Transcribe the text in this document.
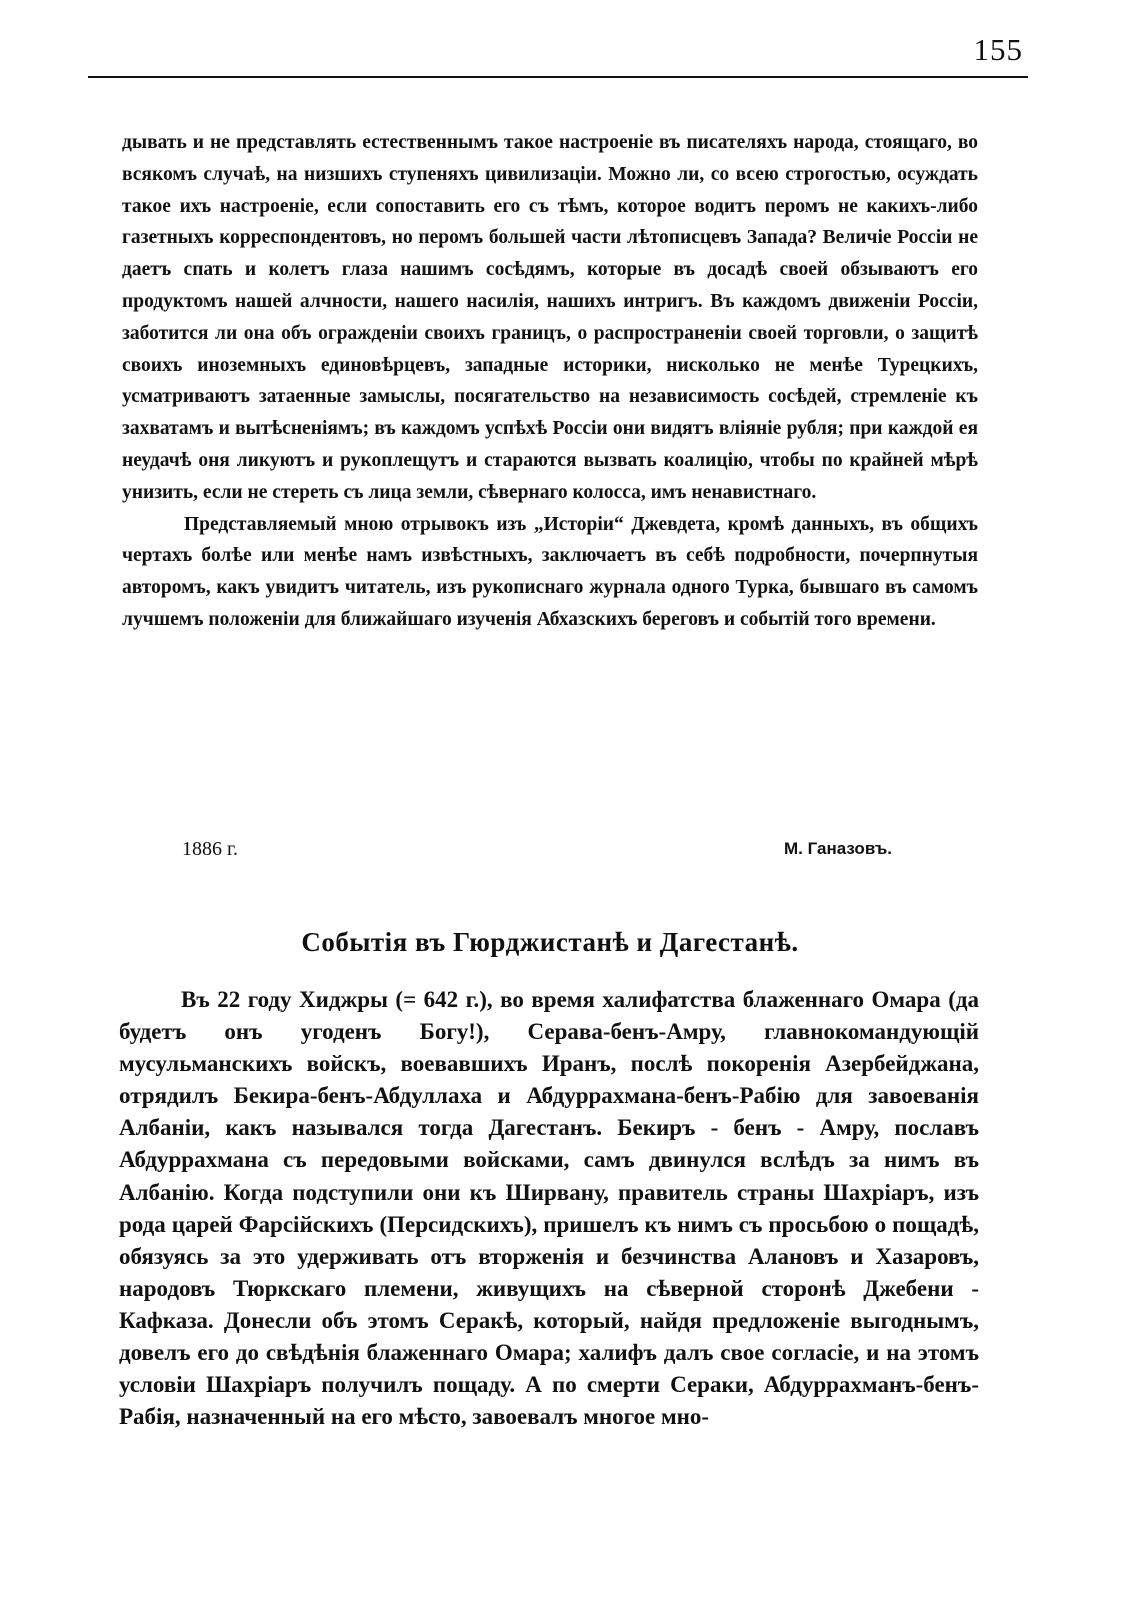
155

дывать и не представлять естественнымъ такое настроенiе въ писателяхъ народа, стоящаго, во всякомъ случаѣ, на низшихъ ступеняхъ цивилизацiи. Можно ли, со всею строгостью, осуждать такое ихъ настроенiе, если сопоставить его съ тѣмъ, которое водитъ перомъ не какихъ-либо газетныхъ корреспондентовъ, но перомъ большей части лѣтописцевъ Запада? Величiе Россiи не даетъ спать и колетъ глаза нашимъ сосѣдямъ, которые въ досадѣ своей обзываютъ его продуктомъ нашей алчности, нашего насилiя, нашихъ интригъ. Въ каждомъ движенiи Россiи, заботится ли она объ огражденiи своихъ границъ, о распространенiи своей торговли, о защитѣ своихъ иноземныхъ единовѣрцевъ, западные историки, нисколько не менѣе Турецкихъ, усматриваютъ затаенные замыслы, посягательство на независимость сосѣдей, стремленiе къ захватамъ и вытѣсненiямъ; въ каждомъ успѣхѣ Россiи они видятъ влiянiе рубля; при каждой ея неудачѣ оня ликуютъ и рукоплещутъ и стараются вызвать коалицiю, чтобы по крайней мѣрѣ унизить, если не стереть съ лица земли, сѣвернаго колосса, имъ ненавистнаго.

Представляемый мною отрывокъ изъ „Исторiи“ Джевдета, кромѣ данныхъ, въ общихъ чертахъ болѣе или менѣе намъ извѣстныхъ, заключаетъ въ себѣ подробности, почерпнутыя авторомъ, какъ увидитъ читатель, изъ рукописнаго журнала одного Турка, бывшаго въ самомъ лучшемъ положенiи для ближайшаго изученiя Абхазскихъ береговъ и событiй того времени.

1886 г.	М. Ганазовъ.
Событiя въ Гюрджистанѣ и Дагестанѣ.

Въ 22 году Хиджры (= 642 г.), во время халифатства блаженнаго Омара (да будетъ онъ угоденъ Богу!), Серава-бенъ-Амру, главнокомандующiй мусульманскихъ войскъ, воевавшихъ Иранъ, послѣ покоренiя Азербейджана, отрядилъ Бекира-бенъ-Абдуллаха и Абдуррахмана-бенъ-Рабiю для завоеванiя Албанiи, какъ назывался тогда Дагестанъ. Бекиръ - бенъ - Амру, пославъ Абдуррахмана съ передовыми войсками, самъ двинулся вслѣдъ за нимъ въ Албанiю. Когда подступили они къ Ширвану, правитель страны Шахрiаръ, изъ рода царей Фарсiйскихъ (Персидскихъ), пришелъ къ нимъ съ просьбою о пощадѣ, обязуясь за это удерживать отъ вторженiя и безчинства Алановъ и Хазаровъ, народовъ Тюркскаго племени, живущихъ на сѣверной сторонѣ Джебени - Кафказа. Донесли объ этомъ Серакѣ, который, найдя предложенiе выгоднымъ, довелъ его до свѣдѣнiя блаженнаго Омара; халифъ далъ свое согласiе, и на этомъ условiи Шахрiаръ получилъ пощаду. А по смерти Сераки, Абдуррахманъ-бенъ-Рабiя, назначенный на его мѣсто, завоевалъ многое мно-
